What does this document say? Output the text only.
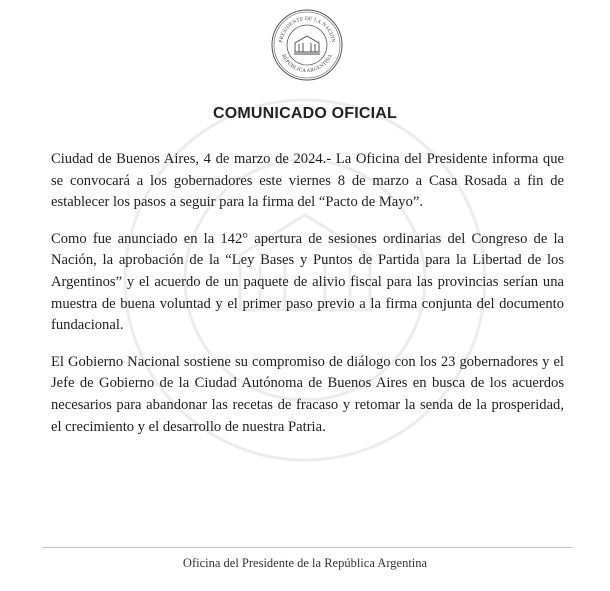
PRESIDENTE DE LA NACIÓN
REPÚBLICA ARGENTINA
COMUNICADO OFICIAL

Ciudad de Buenos Aires, 4 de marzo de 2024.- La Oficina del Presidente informa que se convocará a los gobernadores este viernes 8 de marzo a Casa Rosada a fin de establecer los pasos a seguir para la firma del “Pacto de Mayo”.

Como fue anunciado en la 142° apertura de sesiones ordinarias del Congreso de la Nación, la aprobación de la “Ley Bases y Puntos de Partida para la Libertad de los Argentinos” y el acuerdo de un paquete de alivio fiscal para las provincias serían una muestra de buena voluntad y el primer paso previo a la firma conjunta del documento fundacional.

El Gobierno Nacional sostiene su compromiso de diálogo con los 23 gobernadores y el Jefe de Gobierno de la Ciudad Autónoma de Buenos Aires en busca de los acuerdos necesarios para abandonar las recetas de fracaso y retomar la senda de la prosperidad, el crecimiento y el desarrollo de nuestra Patria.

Oficina del Presidente de la República Argentina
